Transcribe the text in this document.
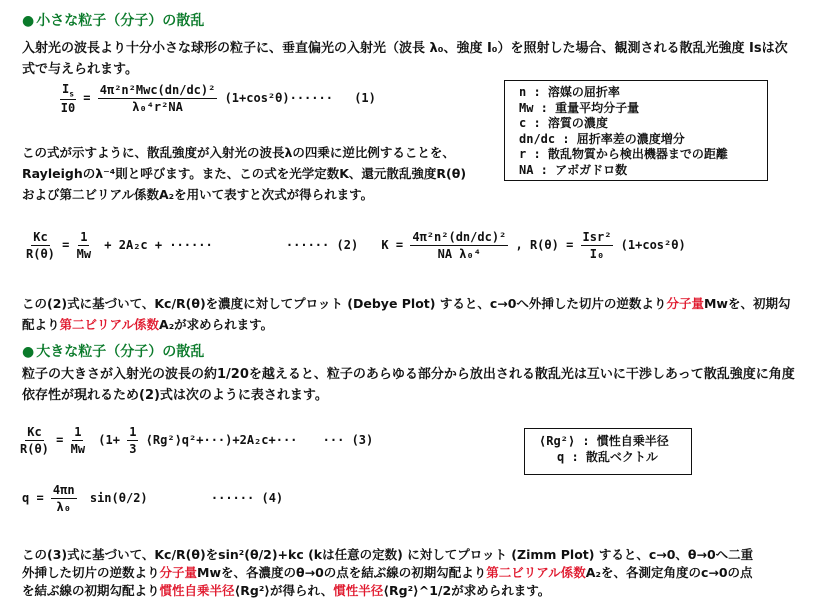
● 小さな粒子（分子）の散乱
入射光の波長より十分小さな球形の粒子に、垂直偏光の入射光（波長 λ₀、強度 I₀）を照射した場合、観測される散乱光強度 Isは次
式で与えられます。
$\frac{I_s}{I0} = \frac{\text{4π²n²Mwc(dn/dc)²}}{\text{λ₀⁴r²NA}} (1+\cos^2\theta)\cdot\cdot\cdot\cdot\cdot\cdot (1)$	n : 溶媒の屈折率
Mw : 重量平均分子量
c : 溶質の濃度
dn/dc : 屈折率差の濃度増分
r : 散乱物質から検出機器までの距離
NA : アボガドロ数
この式が示すように、散乱強度が入射光の波長λの四乗に逆比例することを、
Rayleighのλ⁻⁴則と呼びます。また、この式を光学定数K、還元散乱強度R(θ)
および第二ビリアル係数A₂を用いて表すと次式が得られます。
$\frac{Kc}{R(\theta)} = \frac{1}{Mw} + 2A_2c$ + ······	······ (2) $K = \frac{\text{4π²n²(dn/dc)²}}{\text{NA λ₀⁴}}$ , $R(\theta) = \frac{\text{Isr²}}{\text{I₀}} (1+\cos^2\theta)$
この(2)式に基づいて、Kc/R(θ)を濃度に対してプロット (Debye Plot) すると、c→0へ外挿した切片の逆数より分子量Mwを、初期勾
配より第二ビリアル係数A₂が求められます。
● 大きな粒子（分子）の散乱
粒子の大きさが入射光の波長の約1/20を越えると、粒子のあらゆる部分から放出される散乱光は互いに干渉しあって散乱強度に角度
依存性が現れるため(2)式は次のように表されます。
$\frac{Kc}{R(\theta)} = \frac{1}{Mw} (1+ \frac{1}{3}$ ⟨Rg²⟩q²+···)+2A₂c+··· ··· (3)	⟨Rg²⟩ : 慣性自乗半径
q : 散乱ベクトル
$q = \frac{4\pi n}{\text{λ₀}} \sin(\theta/2)$	······ (4)
この(3)式に基づいて、Kc/R(θ)をsin²(θ/2)+kc (kは任意の定数) に対してプロット (Zimm Plot) すると、c→0、θ→0へ二重
外挿した切片の逆数より分子量Mwを、各濃度のθ→0の点を結ぶ線の初期勾配より第二ビリアル係数A₂を、各測定角度のc→0の点
を結ぶ線の初期勾配より慣性自乗半径⟨Rg²⟩が得られ、慣性半径⟨Rg²⟩^1/2が求められます。
